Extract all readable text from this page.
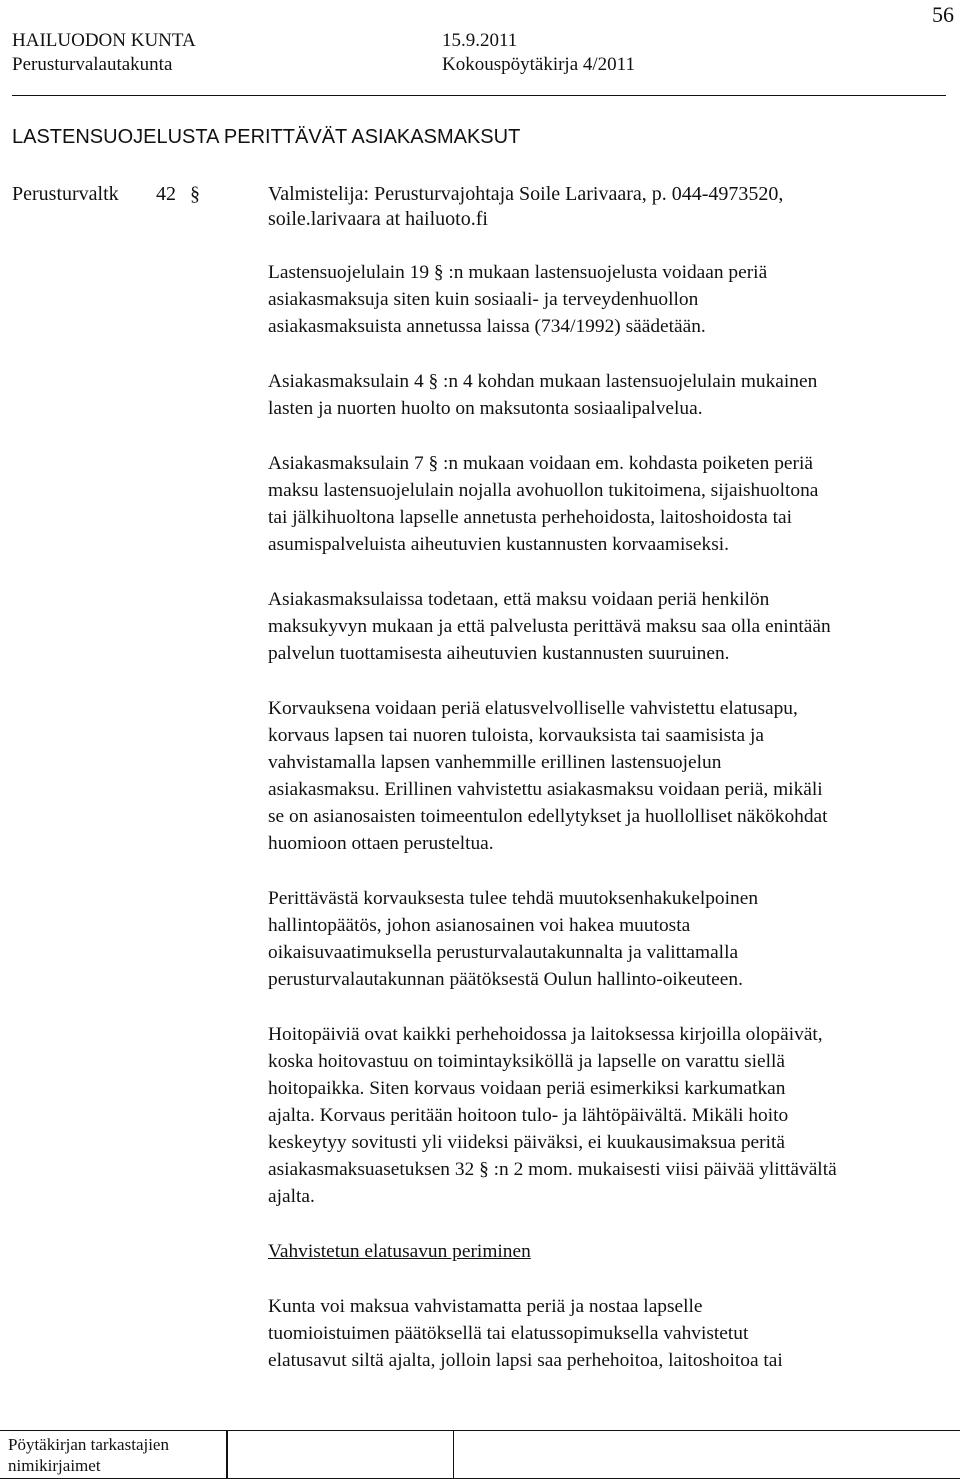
HAILUODON KUNTA	15.9.2011
56
Perusturvalautakunta	Kokouspöytäkirja 4/2011
LASTENSUOJELUSTA PERITTÄVÄT ASIAKASMAKSUT
Perusturvaltk 42 §	Valmistelija: Perusturvajohtaja Soile Larivaara, p. 044-4973520,
soile.larivaara at hailuoto.fi

Lastensuojelulain 19 § :n mukaan lastensuojelusta voidaan periä
asiakasmaksuja siten kuin sosiaali- ja terveydenhuollon
asiakasmaksuista annetussa laissa (734/1992) säädetään.

Asiakasmaksulain 4 § :n 4 kohdan mukaan lastensuojelulain mukainen
lasten ja nuorten huolto on maksutonta sosiaalipalvelua.

Asiakasmaksulain 7 § :n mukaan voidaan em. kohdasta poiketen periä
maksu lastensuojelulain nojalla avohuollon tukitoimena, sijaishuoltona
tai jälkihuoltona lapselle annetusta perhehoidosta, laitoshoidosta tai
asumispalveluista aiheutuvien kustannusten korvaamiseksi.

Asiakasmaksulaissa todetaan, että maksu voidaan periä henkilön
maksukyvyn mukaan ja että palvelusta perittävä maksu saa olla enintään
palvelun tuottamisesta aiheutuvien kustannusten suuruinen.

Korvauksena voidaan periä elatusvelvolliselle vahvistettu elatusapu,
korvaus lapsen tai nuoren tuloista, korvauksista tai saamisista ja
vahvistamalla lapsen vanhemmille erillinen lastensuojelun
asiakasmaksu. Erillinen vahvistettu asiakasmaksu voidaan periä, mikäli
se on asianosaisten toimeentulon edellytykset ja huollolliset näkökohdat
huomioon ottaen perusteltua.

Perittävästä korvauksesta tulee tehdä muutoksenhakukelpoinen
hallintopäätös, johon asianosainen voi hakea muutosta
oikaisuvaatimuksella perusturvalautakunnalta ja valittamalla
perusturvalautakunnan päätöksestä Oulun hallinto-oikeuteen.

Hoitopäiviä ovat kaikki perhehoidossa ja laitoksessa kirjoilla olopäivät,
koska hoitovastuu on toimintayksiköllä ja lapselle on varattu siellä
hoitopaikka. Siten korvaus voidaan periä esimerkiksi karkumatkan
ajalta. Korvaus peritään hoitoon tulo- ja lähtöpäivältä. Mikäli hoito
keskeytyy sovitusti yli viideksi päiväksi, ei kuukausimaksua peritä
asiakasmaksuasetuksen 32 § :n 2 mom. mukaisesti viisi päivää ylittävältä
ajalta.

Vahvistetun elatusavun periminen

Kunta voi maksua vahvistamatta periä ja nostaa lapselle
tuomioistuimen päätöksellä tai elatussopimuksella vahvistetut
elatusavut siltä ajalta, jolloin lapsi saa perhehoitoa, laitoshoitoa tai

Pöytäkirjan tarkastajien
nimikirjaimet
